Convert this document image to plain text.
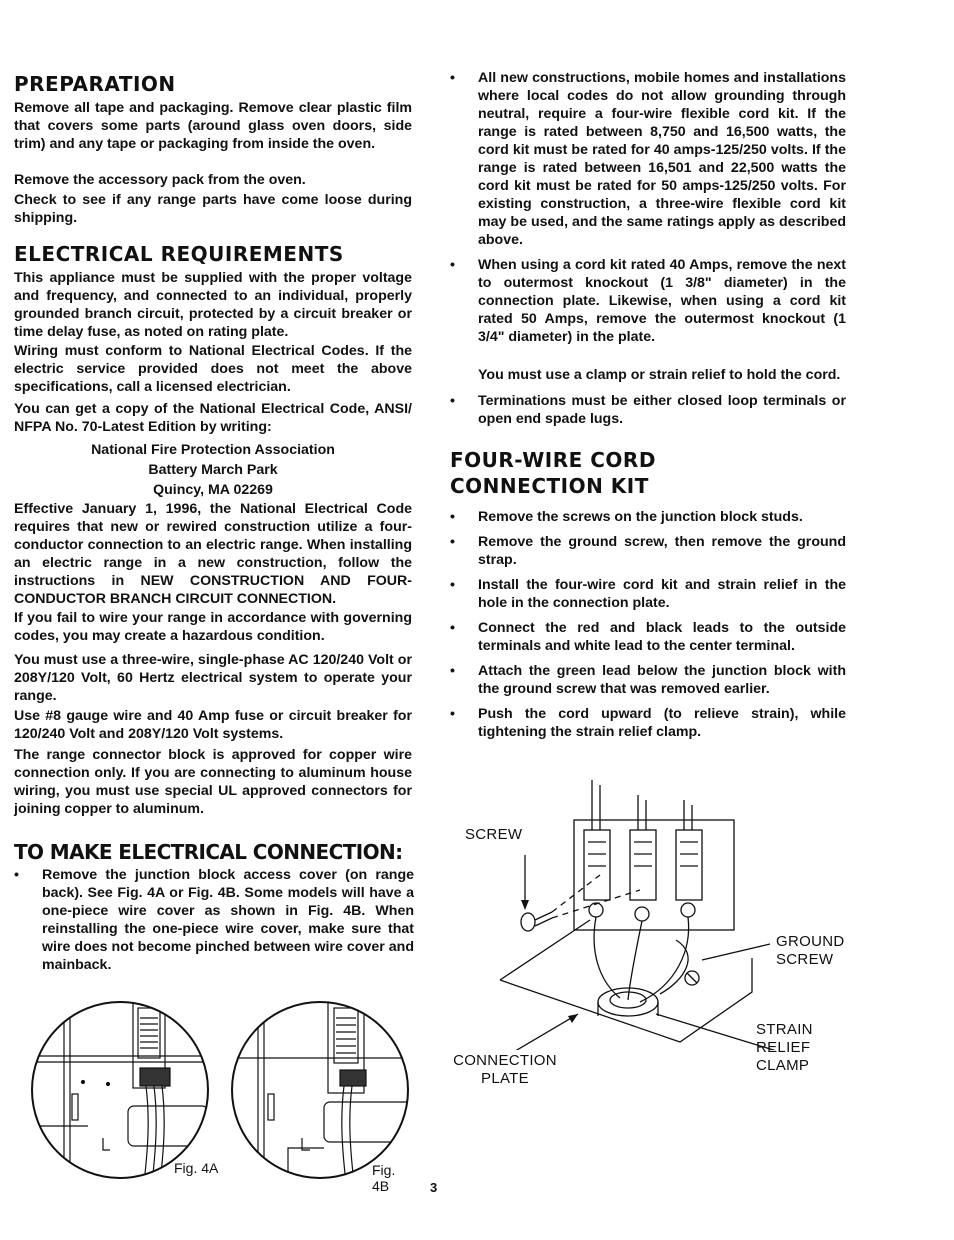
PREPARATION

Remove all tape and packaging. Remove clear plastic film that covers some parts (around glass oven doors, side trim) and any tape or packaging from inside the oven.

Remove the accessory pack from the oven.

Check to see if any range parts have come loose during shipping.

ELECTRICAL REQUIREMENTS

This appliance must be supplied with the proper voltage and frequency, and connected to an individual, properly grounded branch circuit, protected by a circuit breaker or time delay fuse, as noted on rating plate.

Wiring must conform to National Electrical Codes. If the electric service provided does not meet the above specifications, call a licensed electrician.

You can get a copy of the National Electrical Code, ANSI/ NFPA No. 70-Latest Edition by writing:

National Fire Protection Association
Battery March Park
Quincy, MA 02269

Effective January 1, 1996, the National Electrical Code requires that new or rewired construction utilize a four-conductor connection to an electric range. When installing an electric range in a new construction, follow the instructions in NEW CONSTRUCTION AND FOUR-CONDUCTOR BRANCH CIRCUIT CONNECTION.

If you fail to wire your range in accordance with governing codes, you may create a hazardous condition.

You must use a three-wire, single-phase AC 120/240 Volt or 208Y/120 Volt, 60 Hertz electrical system to operate your range.

Use #8 gauge wire and 40 Amp fuse or circuit breaker for 120/240 Volt and 208Y/120 Volt systems.

The range connector block is approved for copper wire connection only. If you are connecting to aluminum house wiring, you must use special UL approved connectors for joining copper to aluminum.

TO MAKE ELECTRICAL CONNECTION:
• Remove the junction block access cover (on range back). See Fig. 4A or Fig. 4B. Some models will have a one-piece wire cover as shown in Fig. 4B. When reinstalling the one-piece wire cover, make sure that wire does not become pinched between wire cover and mainback.
Fig. 4A	Fig. 4B
• All new constructions, mobile homes and installations where local codes do not allow grounding through neutral, require a four-wire flexible cord kit. If the range is rated between 8,750 and 16,500 watts, the cord kit must be rated for 40 amps-125/250 volts. If the range is rated between 16,501 and 22,500 watts the cord kit must be rated for 50 amps-125/250 volts. For existing construction, a three-wire flexible cord kit may be used, and the same ratings apply as described above.
• When using a cord kit rated 40 Amps, remove the next to outermost knockout (1 3/8" diameter) in the connection plate. Likewise, when using a cord kit rated 50 Amps, remove the outermost knockout (1 3/4" diameter) in the plate.

You must use a clamp or strain relief to hold the cord.

• Terminations must be either closed loop terminals or open end spade lugs.
FOUR-WIRE CORD
CONNECTION KIT
• Remove the screws on the junction block studs.
• Remove the ground screw, then remove the ground strap.
• Install the four-wire cord kit and strain relief in the hole in the connection plate.
• Connect the red and black leads to the outside terminals and white lead to the center terminal.
• Attach the green lead below the junction block with the ground screw that was removed earlier.
• Push the cord upward (to relieve strain), while tightening the strain relief clamp.
SCREW
GROUND
SCREW
STRAIN
RELIEF
CLAMP
CONNECTION
PLATE
3
